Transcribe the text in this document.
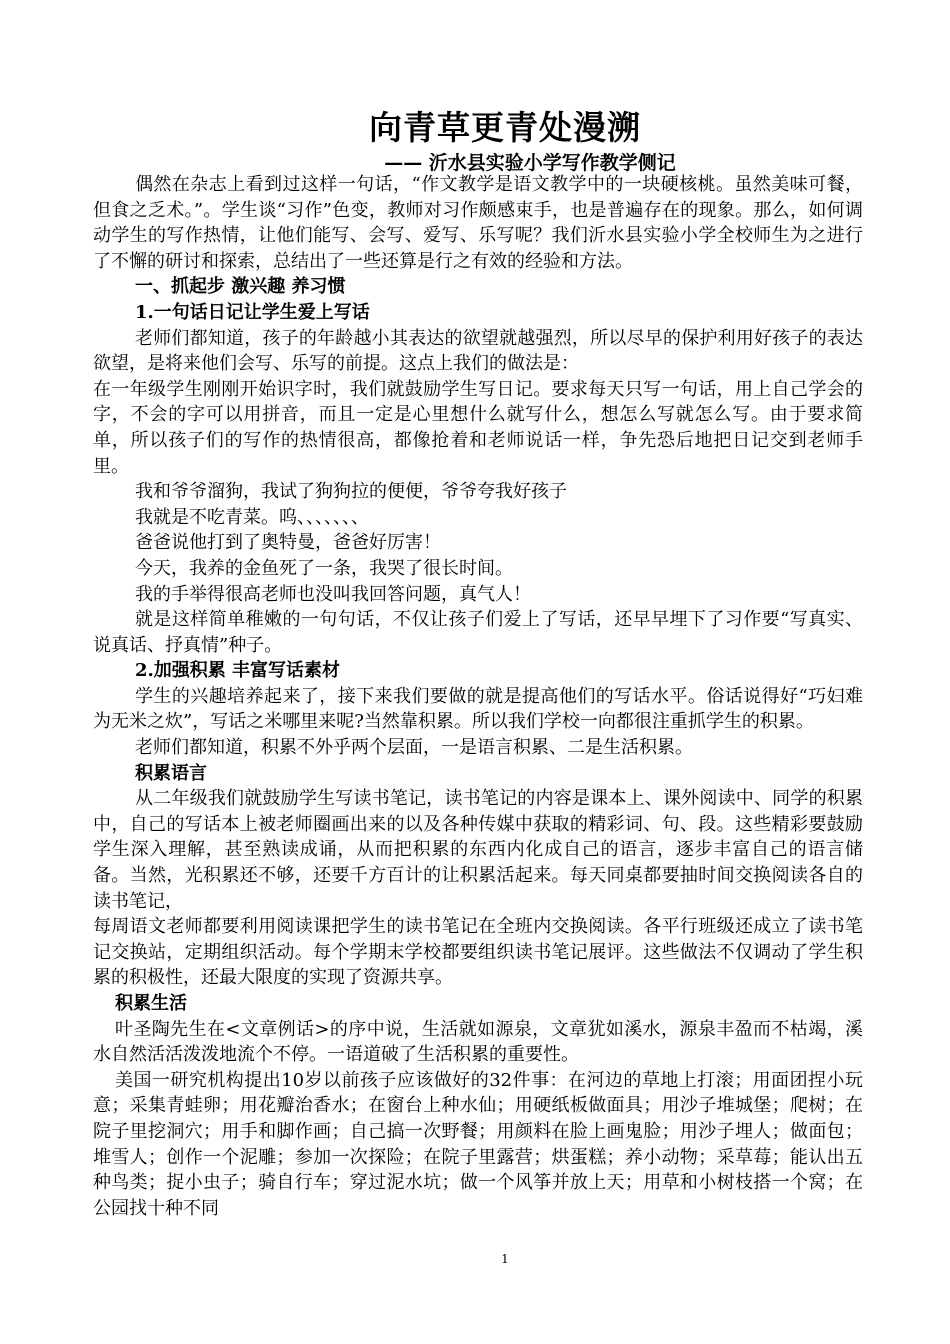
向青草更青处漫溯
—— 沂水县实验小学写作教学侧记

偶然在杂志上看到过这样一句话，“作文教学是语文教学中的一块硬核桃。虽然美味可餐，但食之乏术。”。学生谈“习作”色变，教师对习作颇感束手，也是普遍存在的现象。那么，如何调动学生的写作热情，让他们能写、会写、爱写、乐写呢？我们沂水县实验小学全校师生为之进行了不懈的研讨和探索，总结出了一些还算是行之有效的经验和方法。

一、抓起步 激兴趣 养习惯

1.一句话日记让学生爱上写话

老师们都知道，孩子的年龄越小其表达的欲望就越强烈，所以尽早的保护利用好孩子的表达欲望，是将来他们会写、乐写的前提。这点上我们的做法是：

在一年级学生刚刚开始识字时，我们就鼓励学生写日记。要求每天只写一句话，用上自己学会的字，不会的字可以用拼音，而且一定是心里想什么就写什么，想怎么写就怎么写。由于要求简单，所以孩子们的写作的热情很高，都像抢着和老师说话一样，争先恐后地把日记交到老师手里。

我和爷爷溜狗，我试了狗狗拉的便便，爷爷夸我好孩子

我就是不吃青菜。呜、、、、、、、

爸爸说他打到了奥特曼，爸爸好厉害！

今天，我养的金鱼死了一条，我哭了很长时间。

我的手举得很高老师也没叫我回答问题，真气人！

就是这样简单稚嫩的一句句话，不仅让孩子们爱上了写话，还早早埋下了习作要“写真实、说真话、抒真情”种子。

2.加强积累 丰富写话素材

学生的兴趣培养起来了，接下来我们要做的就是提高他们的写话水平。俗话说得好“巧妇难为无米之炊”，写话之米哪里来呢?当然靠积累。所以我们学校一向都很注重抓学生的积累。

老师们都知道，积累不外乎两个层面，一是语言积累、二是生活积累。

积累语言

从二年级我们就鼓励学生写读书笔记，读书笔记的内容是课本上、课外阅读中、同学的积累中，自己的写话本上被老师圈画出来的以及各种传媒中获取的精彩词、句、段。这些精彩要鼓励学生深入理解，甚至熟读成诵，从而把积累的东西内化成自己的语言，逐步丰富自己的语言储备。当然，光积累还不够，还要千方百计的让积累活起来。每天同桌都要抽时间交换阅读各自的读书笔记，

每周语文老师都要利用阅读课把学生的读书笔记在全班内交换阅读。各平行班级还成立了读书笔记交换站，定期组织活动。每个学期末学校都要组织读书笔记展评。这些做法不仅调动了学生积累的积极性，还最大限度的实现了资源共享。

积累生活

叶圣陶先生在<文章例话>的序中说，生活就如源泉，文章犹如溪水，源泉丰盈而不枯竭，溪水自然活活泼泼地流个不停。一语道破了生活积累的重要性。

美国一研究机构提出10岁以前孩子应该做好的32件事：在河边的草地上打滚；用面团捏小玩意；采集青蛙卵；用花瓣治香水；在窗台上种水仙；用硬纸板做面具；用沙子堆城堡；爬树；在院子里挖洞穴；用手和脚作画；自己搞一次野餐；用颜料在脸上画鬼脸；用沙子埋人；做面包；堆雪人；创作一个泥雕；参加一次探险；在院子里露营；烘蛋糕；养小动物；采草莓；能认出五种鸟类；捉小虫子；骑自行车；穿过泥水坑；做一个风筝并放上天；用草和小树枝搭一个窝；在公园找十种不同

1
